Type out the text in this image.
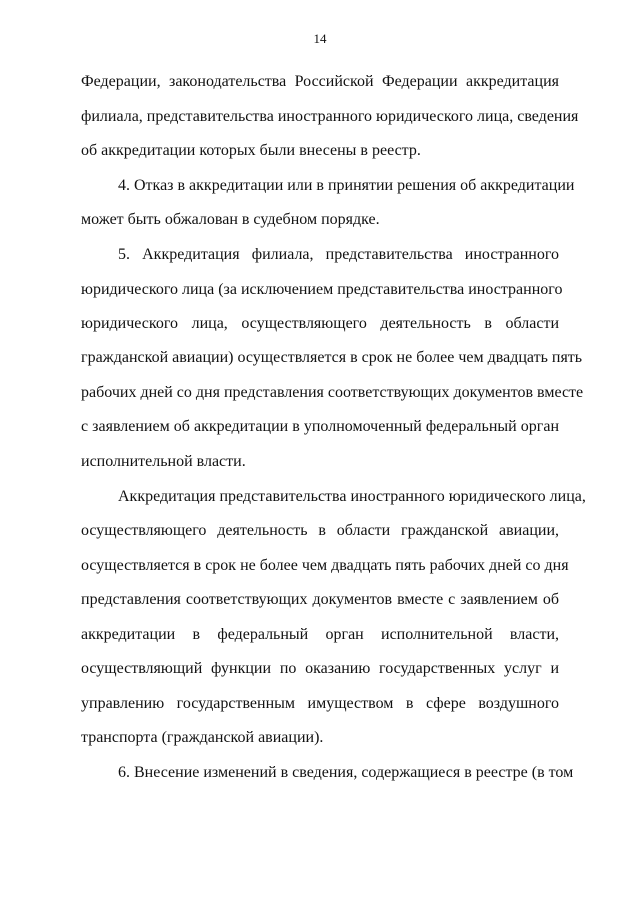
14
Федерации, законодательства Российской Федерации аккредитация
филиала, представительства иностранного юридического лица, сведения
об аккредитации которых были внесены в реестр.
4. Отказ в аккредитации или в принятии решения об аккредитации
может быть обжалован в судебном порядке.
5. Аккредитация филиала, представительства иностранного
юридического лица (за исключением представительства иностранного
юридического лица, осуществляющего деятельность в области
гражданской авиации) осуществляется в срок не более чем двадцать пять
рабочих дней со дня представления соответствующих документов вместе
с заявлением об аккредитации в уполномоченный федеральный орган
исполнительной власти.
Аккредитация представительства иностранного юридического лица,
осуществляющего деятельность в области гражданской авиации,
осуществляется в срок не более чем двадцать пять рабочих дней со дня
представления соответствующих документов вместе с заявлением об
аккредитации в федеральный орган исполнительной власти,
осуществляющий функции по оказанию государственных услуг и
управлению государственным имуществом в сфере воздушного
транспорта (гражданской авиации).
6. Внесение изменений в сведения, содержащиеся в реестре (в том
